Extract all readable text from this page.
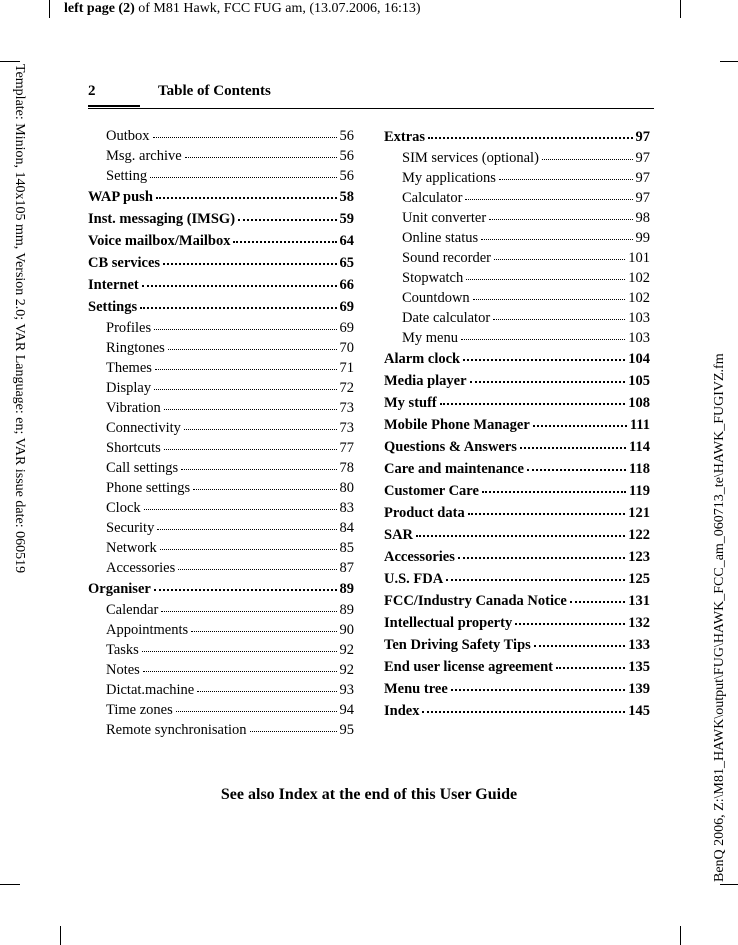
left page (2) of M81 Hawk, FCC FUG am, (13.07.2006, 16:13)
Template: Minion, 140x105 mm, Version 2.0; VAR Language: en; VAR issue date: 060519
BenQ 2006, Z:\M81_HAWK\output\FUG\HAWK_FCC_am_060713_te\HAWK_FUGIVZ.fm
2	Table of Contents
Outbox	56
Msg. archive	56
Setting	56
WAP push	58
Inst. messaging (IMSG)	59
Voice mailbox/Mailbox	64
CB services	65
Internet	66
Settings	69
Profiles	69
Ringtones	70
Themes	71
Display	72
Vibration	73
Connectivity	73
Shortcuts	77
Call settings	78
Phone settings	80
Clock	83
Security	84
Network	85
Accessories	87
Organiser	89
Calendar	89
Appointments	90
Tasks	92
Notes	92
Dictat.machine	93
Time zones	94
Remote synchronisation	95
Extras	97
SIM services (optional)	97
My applications	97
Calculator	97
Unit converter	98
Online status	99
Sound recorder	101
Stopwatch	102
Countdown	102
Date calculator	103
My menu	103
Alarm clock	104
Media player	105
My stuff	108
Mobile Phone Manager	111
Questions & Answers	114
Care and maintenance	118
Customer Care	119
Product data	121
SAR	122
Accessories	123
U.S. FDA	125
FCC/Industry Canada Notice	131
Intellectual property	132
Ten Driving Safety Tips	133
End user license agreement	135
Menu tree	139
Index	145
See also Index at the end of this User Guide
